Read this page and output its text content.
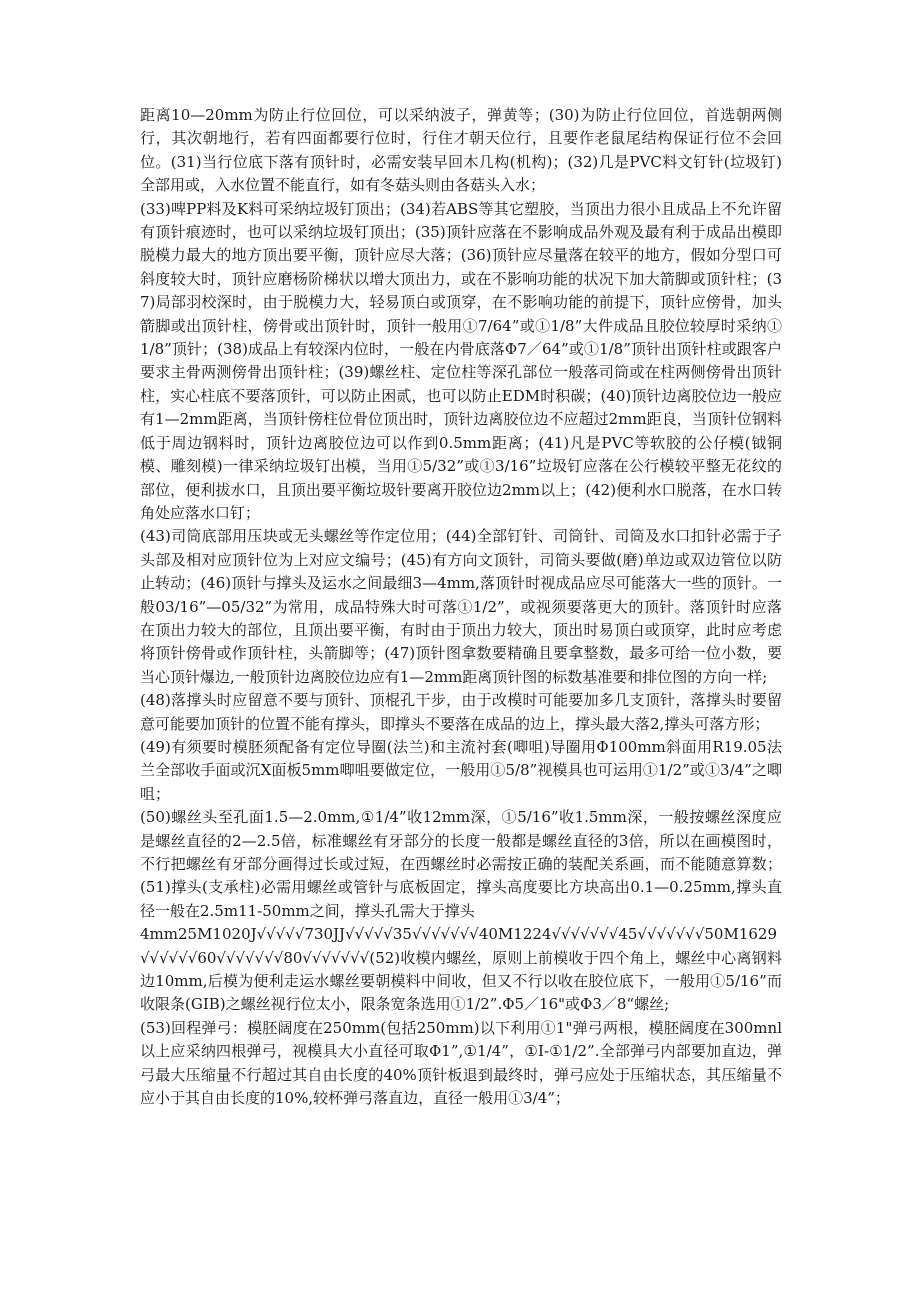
距离10—20mm为防止行位回位，可以采纳波子，弹黄等；(30)为防止行位回位，首选朝两侧行，其次朝地行，若有四面都要行位时，行住才朝天位行，且要作老鼠尾结构保证行位不会回位。(31)当行位底下落有顶针时，必需安装早回木几构(机构)；(32)几是PVC料文钉针(垃圾钉)全部用或，入水位置不能直行，如有冬菇头则由各菇头入水；

(33)啤PP料及K料可采纳垃圾钉顶出；(34)若ABS等其它塑胶，当顶出力很小且成品上不允许留有顶针痕迹时，也可以采纳垃圾钉顶出；(35)顶针应落在不影响成品外观及最有利于成品出模即脱模力最大的地方顶出要平衡，顶针应尽大落；(36)顶针应尽量落在较平的地方，假如分型口可斜度较大时，顶针应磨杨阶梯状以增大顶出力，或在不影响功能的状况下加大箭脚或顶针柱；(37)局部羽校深时，由于脱模力大，轻易顶白或顶穿，在不影响功能的前提下，顶针应傍骨，加头箭脚或出顶针柱，傍骨或出顶针时，顶针一般用①7/64”或①1/8”大件成品且胶位较厚时采纳①1/8”顶针；(38)成品上有较深内位时，一般在内骨底落Φ7／64”或①1/8”顶针出顶针柱或跟客户要求主骨两测傍骨出顶针柱；(39)螺丝柱、定位柱等深孔部位一般落司筒或在柱两侧傍骨出顶针柱，实心柱底不要落顶针，可以防止困贰，也可以防止EDM时积碳；(40)顶针边离胶位边一般应有1—2mm距离，当顶针傍柱位骨位顶出时，顶针边离胶位边不应超过2mm距良，当顶针位钢料低于周边钢料时，顶针边离胶位边可以作到0.5mm距离；(41)凡是PVC等软胶的公仔模(钺铜模、雕刻模)一律采纳垃圾钉出模，当用①5/32”或①3/16”垃圾钉应落在公行模较平整无花纹的部位，便利拔水口，且顶出要平衡垃圾针要离开胶位边2mm以上；(42)便利水口脱落，在水口转角处应落水口钉；

(43)司筒底部用压块或无头螺丝等作定位用；(44)全部钉针、司筒针、司筒及水口扣针必需于子头部及相对应顶针位为上对应文编号；(45)有方向文顶针，司筒头要做(磨)单边或双边管位以防止转动；(46)顶针与撑头及运水之间最细3—4mm,落顶针时视成品应尽可能落大一些的顶针。一般03/16”—05/32”为常用，成品特殊大时可落①1/2”，或视须要落更大的顶针。落顶针时应落在顶出力较大的部位，且顶出要平衡，有时由于顶出力较大，顶出时易顶白或顶穿，此时应考虑将顶针傍骨或作顶针柱，头箭脚等；(47)顶针图拿数要精确且要拿整数，最多可给一位小数，要当心顶针爆边,一般顶针边离胶位边应有1—2mm距离顶针图的标数基准要和排位图的方向一样;

(48)落撑头时应留意不要与顶针、顶棍孔干步，由于改模时可能要加多几支顶针，落撑头时要留意可能要加顶针的位置不能有撑头，即撑头不要落在成品的边上，撑头最大落2,撑头可落方形；

(49)有须要时模胚须配备有定位导圈(法兰)和主流衬套(唧咀)导圈用Φ100mm斜面用R19.05法兰全部收手面或沉X面板5mm唧咀要做定位，一般用①5/8”视模具也可运用①1/2”或①3/4”之唧咀；

(50)螺丝头至孔面1.5—2.0mm,①1/4”收12mm深，①5/16”收1.5mm深，一般按螺丝深度应是螺丝直径的2—2.5倍，标准螺丝有牙部分的长度一般都是螺丝直径的3倍，所以在画模图时，不行把螺丝有牙部分画得过长或过短，在西螺丝时必需按正确的装配关系画，而不能随意算数；(51)撑头(支承柱)必需用螺丝或管针与底板固定，撑头高度要比方块高出0.1—0.25mm,撑头直径一般在2.5m11-50mm之间，撑头孔需大于撑头

4mm25M1020J√√√√√730JJ√√√√√35√√√√√√√40M1224√√√√√√√45√√√√√√√50M1629√√√√√√60√√√√√√√80√√√√√√√(52)收模内螺丝，原则上前模收于四个角上，螺丝中心离钢料边10mm,后模为便利走运水螺丝要朝模料中间收，但又不行以收在胶位底下，一般用①5/16”而收限条(GIB)之螺丝视行位太小，限条宽条选用①1/2”.Φ5／16"或Φ3／8“螺丝;

(53)回程弹弓：模胚阔度在250mm(包括250mm)以下利用①1"弹弓两根，模胚阔度在300mnl以上应采纳四根弹弓，视模具大小直径可取Φ1”,①1/4”，①I-①1/2”.全部弹弓内部要加直边，弹弓最大压缩量不行超过其自由长度的40%顶针板退到最终时，弹弓应处于压缩状态，其压缩量不应小于其自由长度的10%,较杯弹弓落直边，直径一般用①3/4”；
